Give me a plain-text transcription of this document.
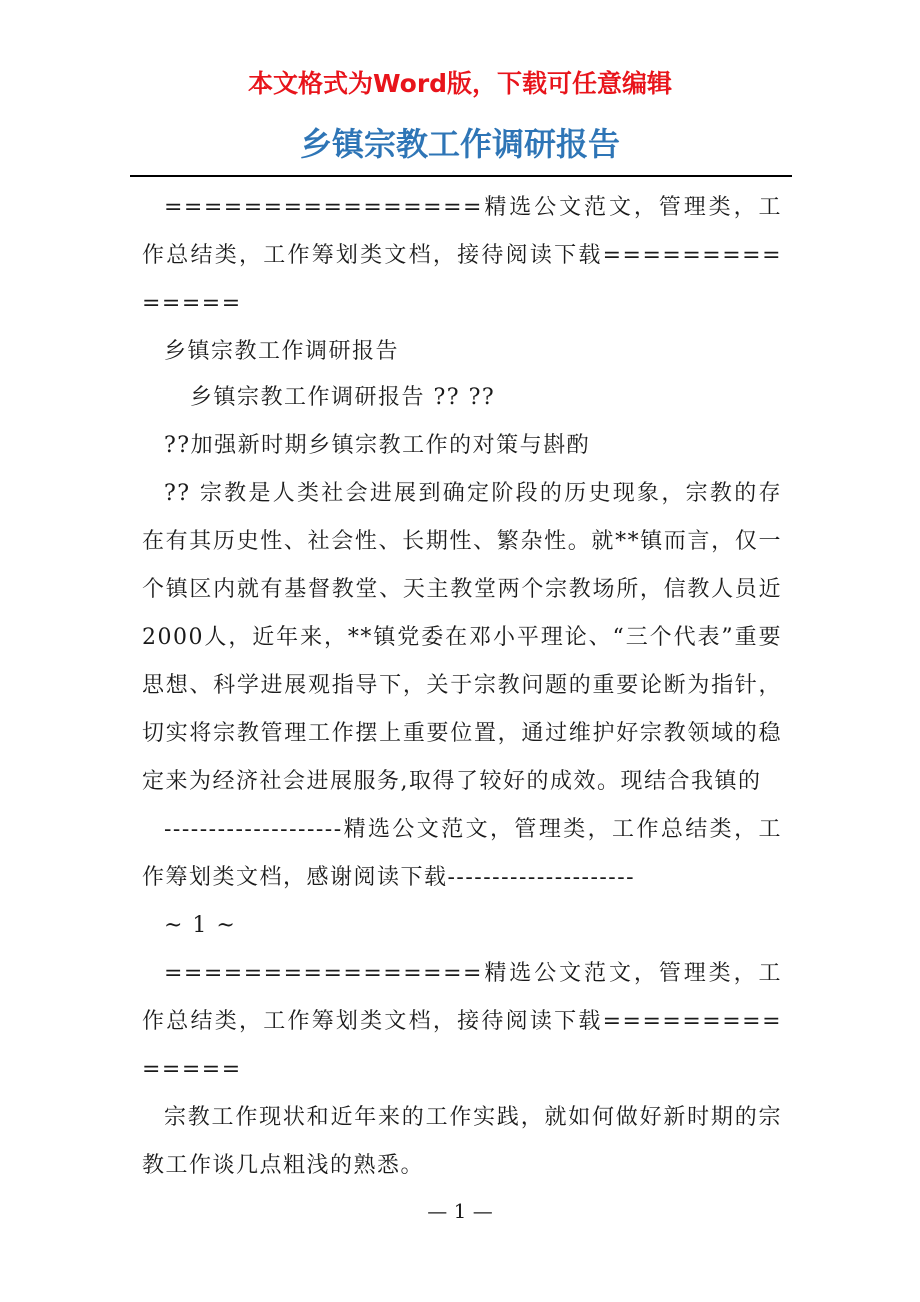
本文格式为Word版，下载可任意编辑
乡镇宗教工作调研报告

================精选公文范文，管理类，工作总结类，工作筹划类文档，接待阅读下载==============

乡镇宗教工作调研报告

乡镇宗教工作调研报告 ?? ??

??加强新时期乡镇宗教工作的对策与斟酌

?? 宗教是人类社会进展到确定阶段的历史现象，宗教的存在有其历史性、社会性、长期性、繁杂性。就**镇而言，仅一个镇区内就有基督教堂、天主教堂两个宗教场所，信教人员近2000人，近年来，**镇党委在邓小平理论、“三个代表”重要思想、科学进展观指导下，关于宗教问题的重要论断为指针，切实将宗教管理工作摆上重要位置，通过维护好宗教领域的稳定来为经济社会进展服务,取得了较好的成效。现结合我镇的

--------------------精选公文范文，管理类，工作总结类，工作筹划类文档，感谢阅读下载---------------------

~ 1 ~

================精选公文范文，管理类，工作总结类，工作筹划类文档，接待阅读下载==============

宗教工作现状和近年来的工作实践，就如何做好新时期的宗教工作谈几点粗浅的熟悉。

— 1 —
